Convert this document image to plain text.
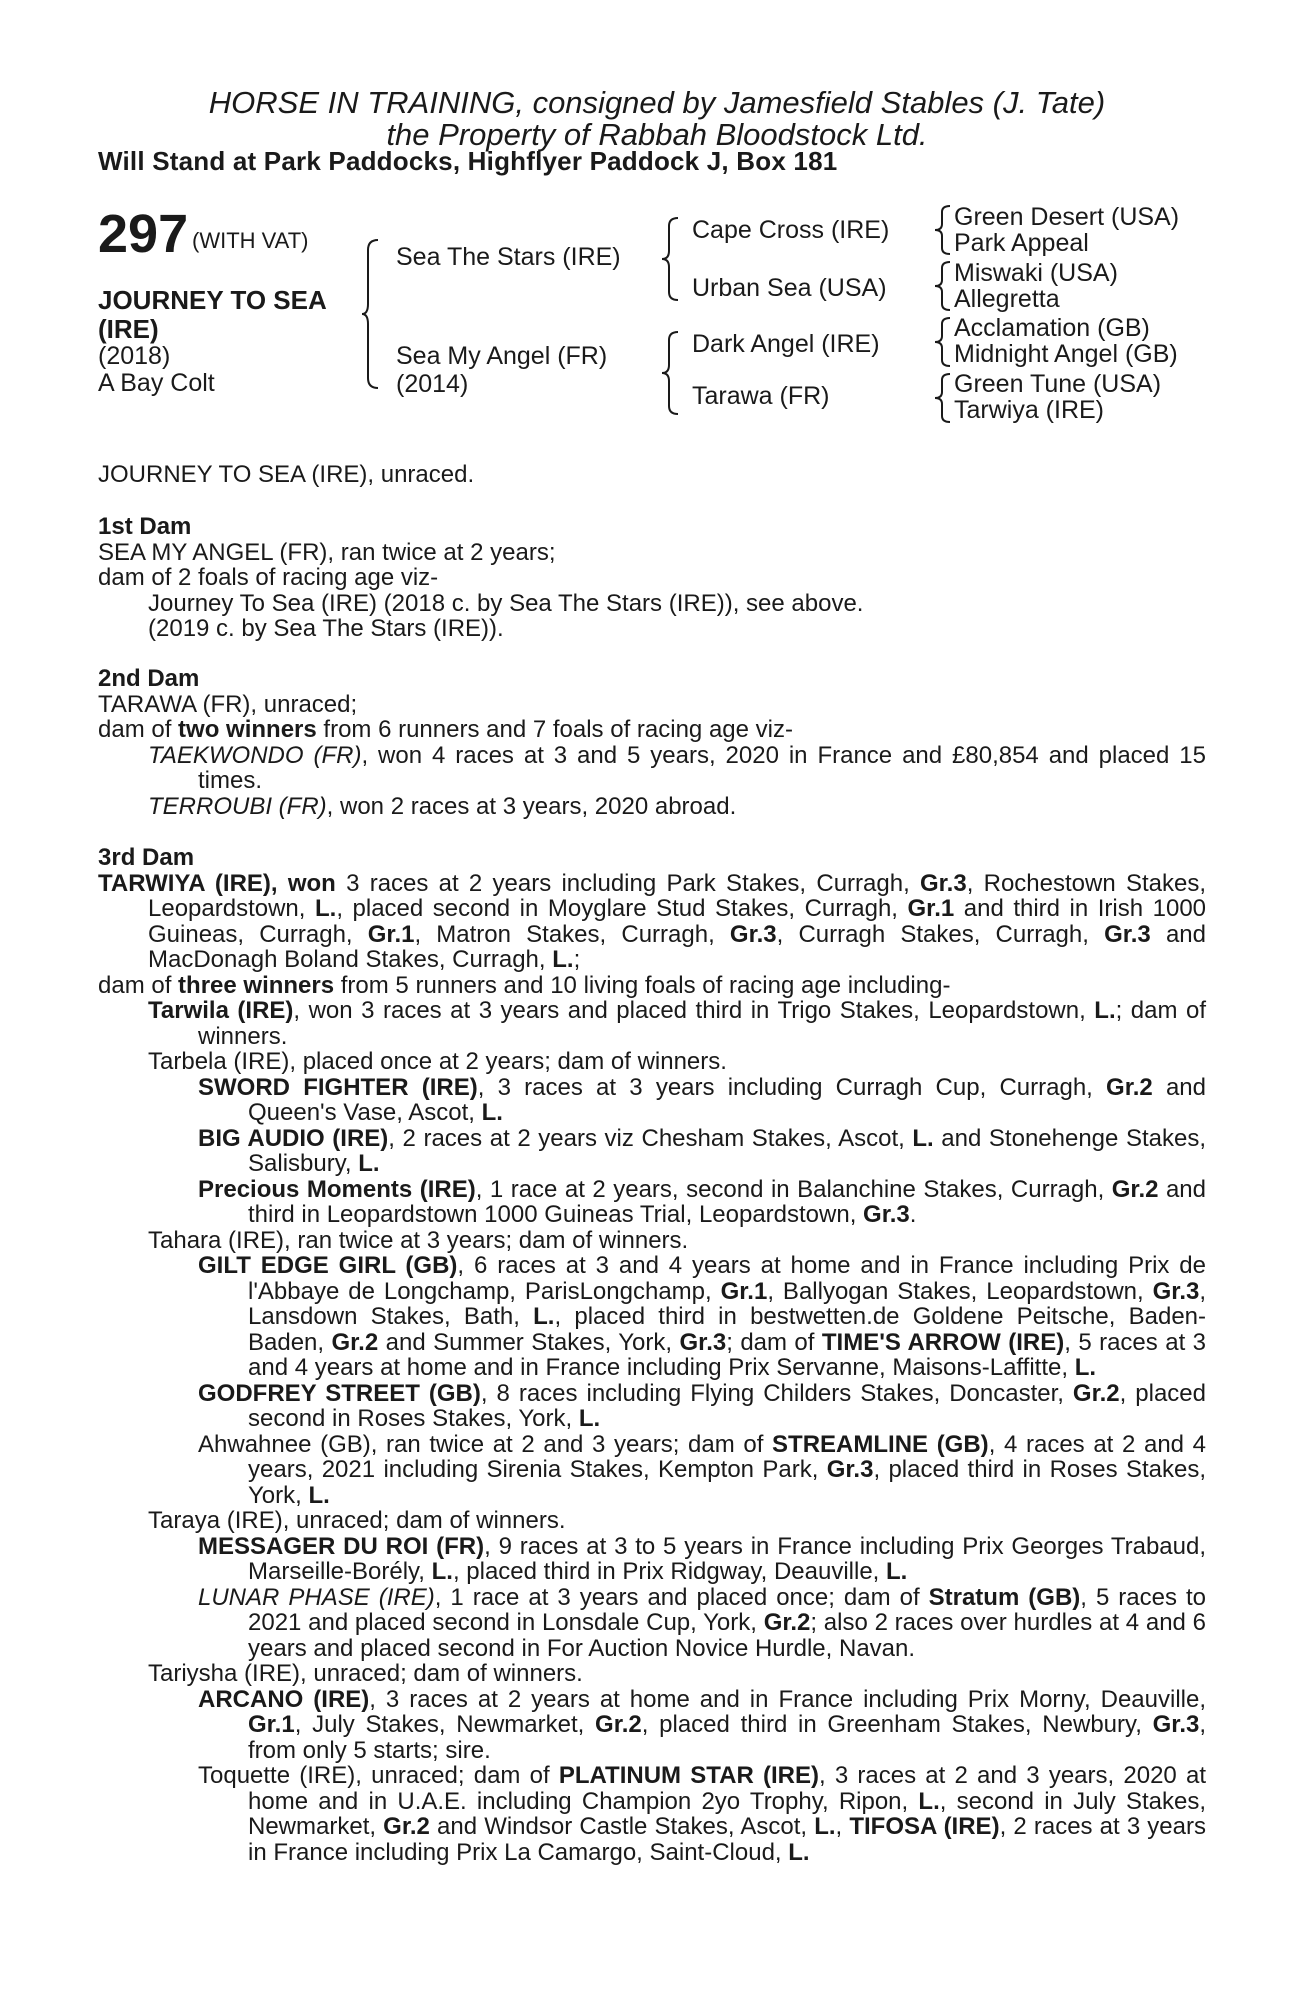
HORSE IN TRAINING, consigned by Jamesfield Stables (J. Tate)
the Property of Rabbah Bloodstock Ltd.
Will Stand at Park Paddocks, Highflyer Paddock J, Box 181
297 (WITH VAT)
JOURNEY TO SEA
(IRE)
(2018)
A Bay Colt
Sea The Stars (IRE)
Sea My Angel (FR)
(2014)
Cape Cross (IRE)
Urban Sea (USA)
Dark Angel (IRE)
Tarawa (FR)
Green Desert (USA)
Park Appeal
Miswaki (USA)
Allegretta
Acclamation (GB)
Midnight Angel (GB)
Green Tune (USA)
Tarwiya (IRE)

JOURNEY TO SEA (IRE), unraced.

1st Dam

SEA MY ANGEL (FR), ran twice at 2 years;

dam of 2 foals of racing age viz-

Journey To Sea (IRE) (2018 c. by Sea The Stars (IRE)), see above.

(2019 c. by Sea The Stars (IRE)).

2nd Dam

TARAWA (FR), unraced;

dam of two winners from 6 runners and 7 foals of racing age viz-

TAEKWONDO (FR), won 4 races at 3 and 5 years, 2020 in France and £80,854 and placed 15 times.

TERROUBI (FR), won 2 races at 3 years, 2020 abroad.

3rd Dam

TARWIYA (IRE), won 3 races at 2 years including Park Stakes, Curragh, Gr.3, Rochestown Stakes, Leopardstown, L., placed second in Moyglare Stud Stakes, Curragh, Gr.1 and third in Irish 1000 Guineas, Curragh, Gr.1, Matron Stakes, Curragh, Gr.3, Curragh Stakes, Curragh, Gr.3 and MacDonagh Boland Stakes, Curragh, L.;

dam of three winners from 5 runners and 10 living foals of racing age including-

Tarwila (IRE), won 3 races at 3 years and placed third in Trigo Stakes, Leopardstown, L.; dam of winners.

Tarbela (IRE), placed once at 2 years; dam of winners.

SWORD FIGHTER (IRE), 3 races at 3 years including Curragh Cup, Curragh, Gr.2 and Queen's Vase, Ascot, L.

BIG AUDIO (IRE), 2 races at 2 years viz Chesham Stakes, Ascot, L. and Stonehenge Stakes, Salisbury, L.

Precious Moments (IRE), 1 race at 2 years, second in Balanchine Stakes, Curragh, Gr.2 and third in Leopardstown 1000 Guineas Trial, Leopardstown, Gr.3.

Tahara (IRE), ran twice at 3 years; dam of winners.

GILT EDGE GIRL (GB), 6 races at 3 and 4 years at home and in France including Prix de l'Abbaye de Longchamp, ParisLongchamp, Gr.1, Ballyogan Stakes, Leopardstown, Gr.3, Lansdown Stakes, Bath, L., placed third in bestwetten.de Goldene Peitsche, Baden-Baden, Gr.2 and Summer Stakes, York, Gr.3; dam of TIME'S ARROW (IRE), 5 races at 3 and 4 years at home and in France including Prix Servanne, Maisons-Laffitte, L.

GODFREY STREET (GB), 8 races including Flying Childers Stakes, Doncaster, Gr.2, placed second in Roses Stakes, York, L.

Ahwahnee (GB), ran twice at 2 and 3 years; dam of STREAMLINE (GB), 4 races at 2 and 4 years, 2021 including Sirenia Stakes, Kempton Park, Gr.3, placed third in Roses Stakes, York, L.

Taraya (IRE), unraced; dam of winners.

MESSAGER DU ROI (FR), 9 races at 3 to 5 years in France including Prix Georges Trabaud, Marseille-Borély, L., placed third in Prix Ridgway, Deauville, L.

LUNAR PHASE (IRE), 1 race at 3 years and placed once; dam of Stratum (GB), 5 races to 2021 and placed second in Lonsdale Cup, York, Gr.2; also 2 races over hurdles at 4 and 6 years and placed second in For Auction Novice Hurdle, Navan.

Tariysha (IRE), unraced; dam of winners.

ARCANO (IRE), 3 races at 2 years at home and in France including Prix Morny, Deauville, Gr.1, July Stakes, Newmarket, Gr.2, placed third in Greenham Stakes, Newbury, Gr.3, from only 5 starts; sire.

Toquette (IRE), unraced; dam of PLATINUM STAR (IRE), 3 races at 2 and 3 years, 2020 at home and in U.A.E. including Champion 2yo Trophy, Ripon, L., second in July Stakes, Newmarket, Gr.2 and Windsor Castle Stakes, Ascot, L., TIFOSA (IRE), 2 races at 3 years in France including Prix La Camargo, Saint-Cloud, L.
